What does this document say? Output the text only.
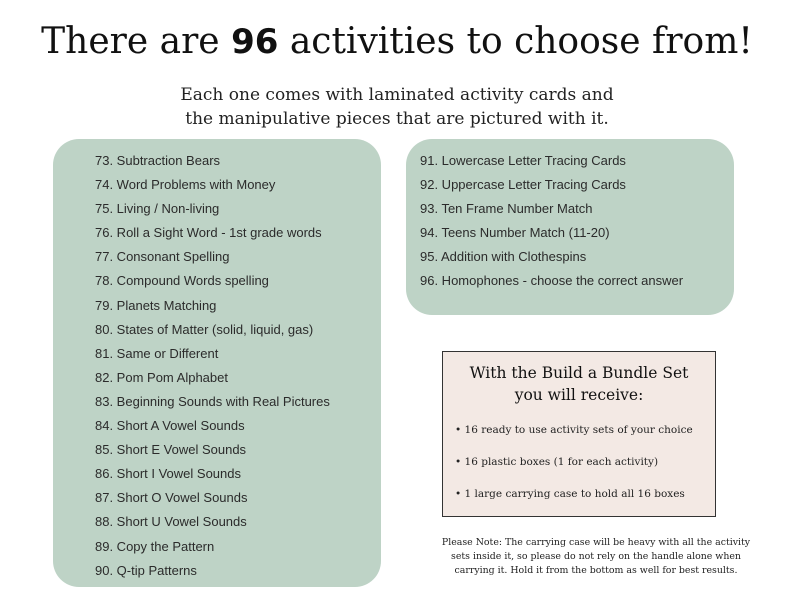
There are 96 activities to choose from!
Each one comes with laminated activity cards and
the manipulative pieces that are pictured with it.
73. Subtraction Bears
74. Word Problems with Money
75. Living / Non-living
76. Roll a Sight Word - 1st grade words
77. Consonant Spelling
78. Compound Words spelling
79. Planets Matching
80. States of Matter (solid, liquid, gas)
81. Same or Different
82. Pom Pom Alphabet
83. Beginning Sounds with Real Pictures
84. Short A Vowel Sounds
85. Short E Vowel Sounds
86. Short I Vowel Sounds
87. Short O Vowel Sounds
88. Short U Vowel Sounds
89. Copy the Pattern
90. Q-tip Patterns
91. Lowercase Letter Tracing Cards
92. Uppercase Letter Tracing Cards
93. Ten Frame Number Match
94. Teens Number Match (11-20)
95. Addition with Clothespins
96. Homophones - choose the correct answer
With the Build a Bundle Set
you will receive:
• 16 ready to use activity sets of your choice
• 16 plastic boxes (1 for each activity)
• 1 large carrying case to hold all 16 boxes
Please Note: The carrying case will be heavy with all the activity
sets inside it, so please do not rely on the handle alone when
carrying it. Hold it from the bottom as well for best results.
